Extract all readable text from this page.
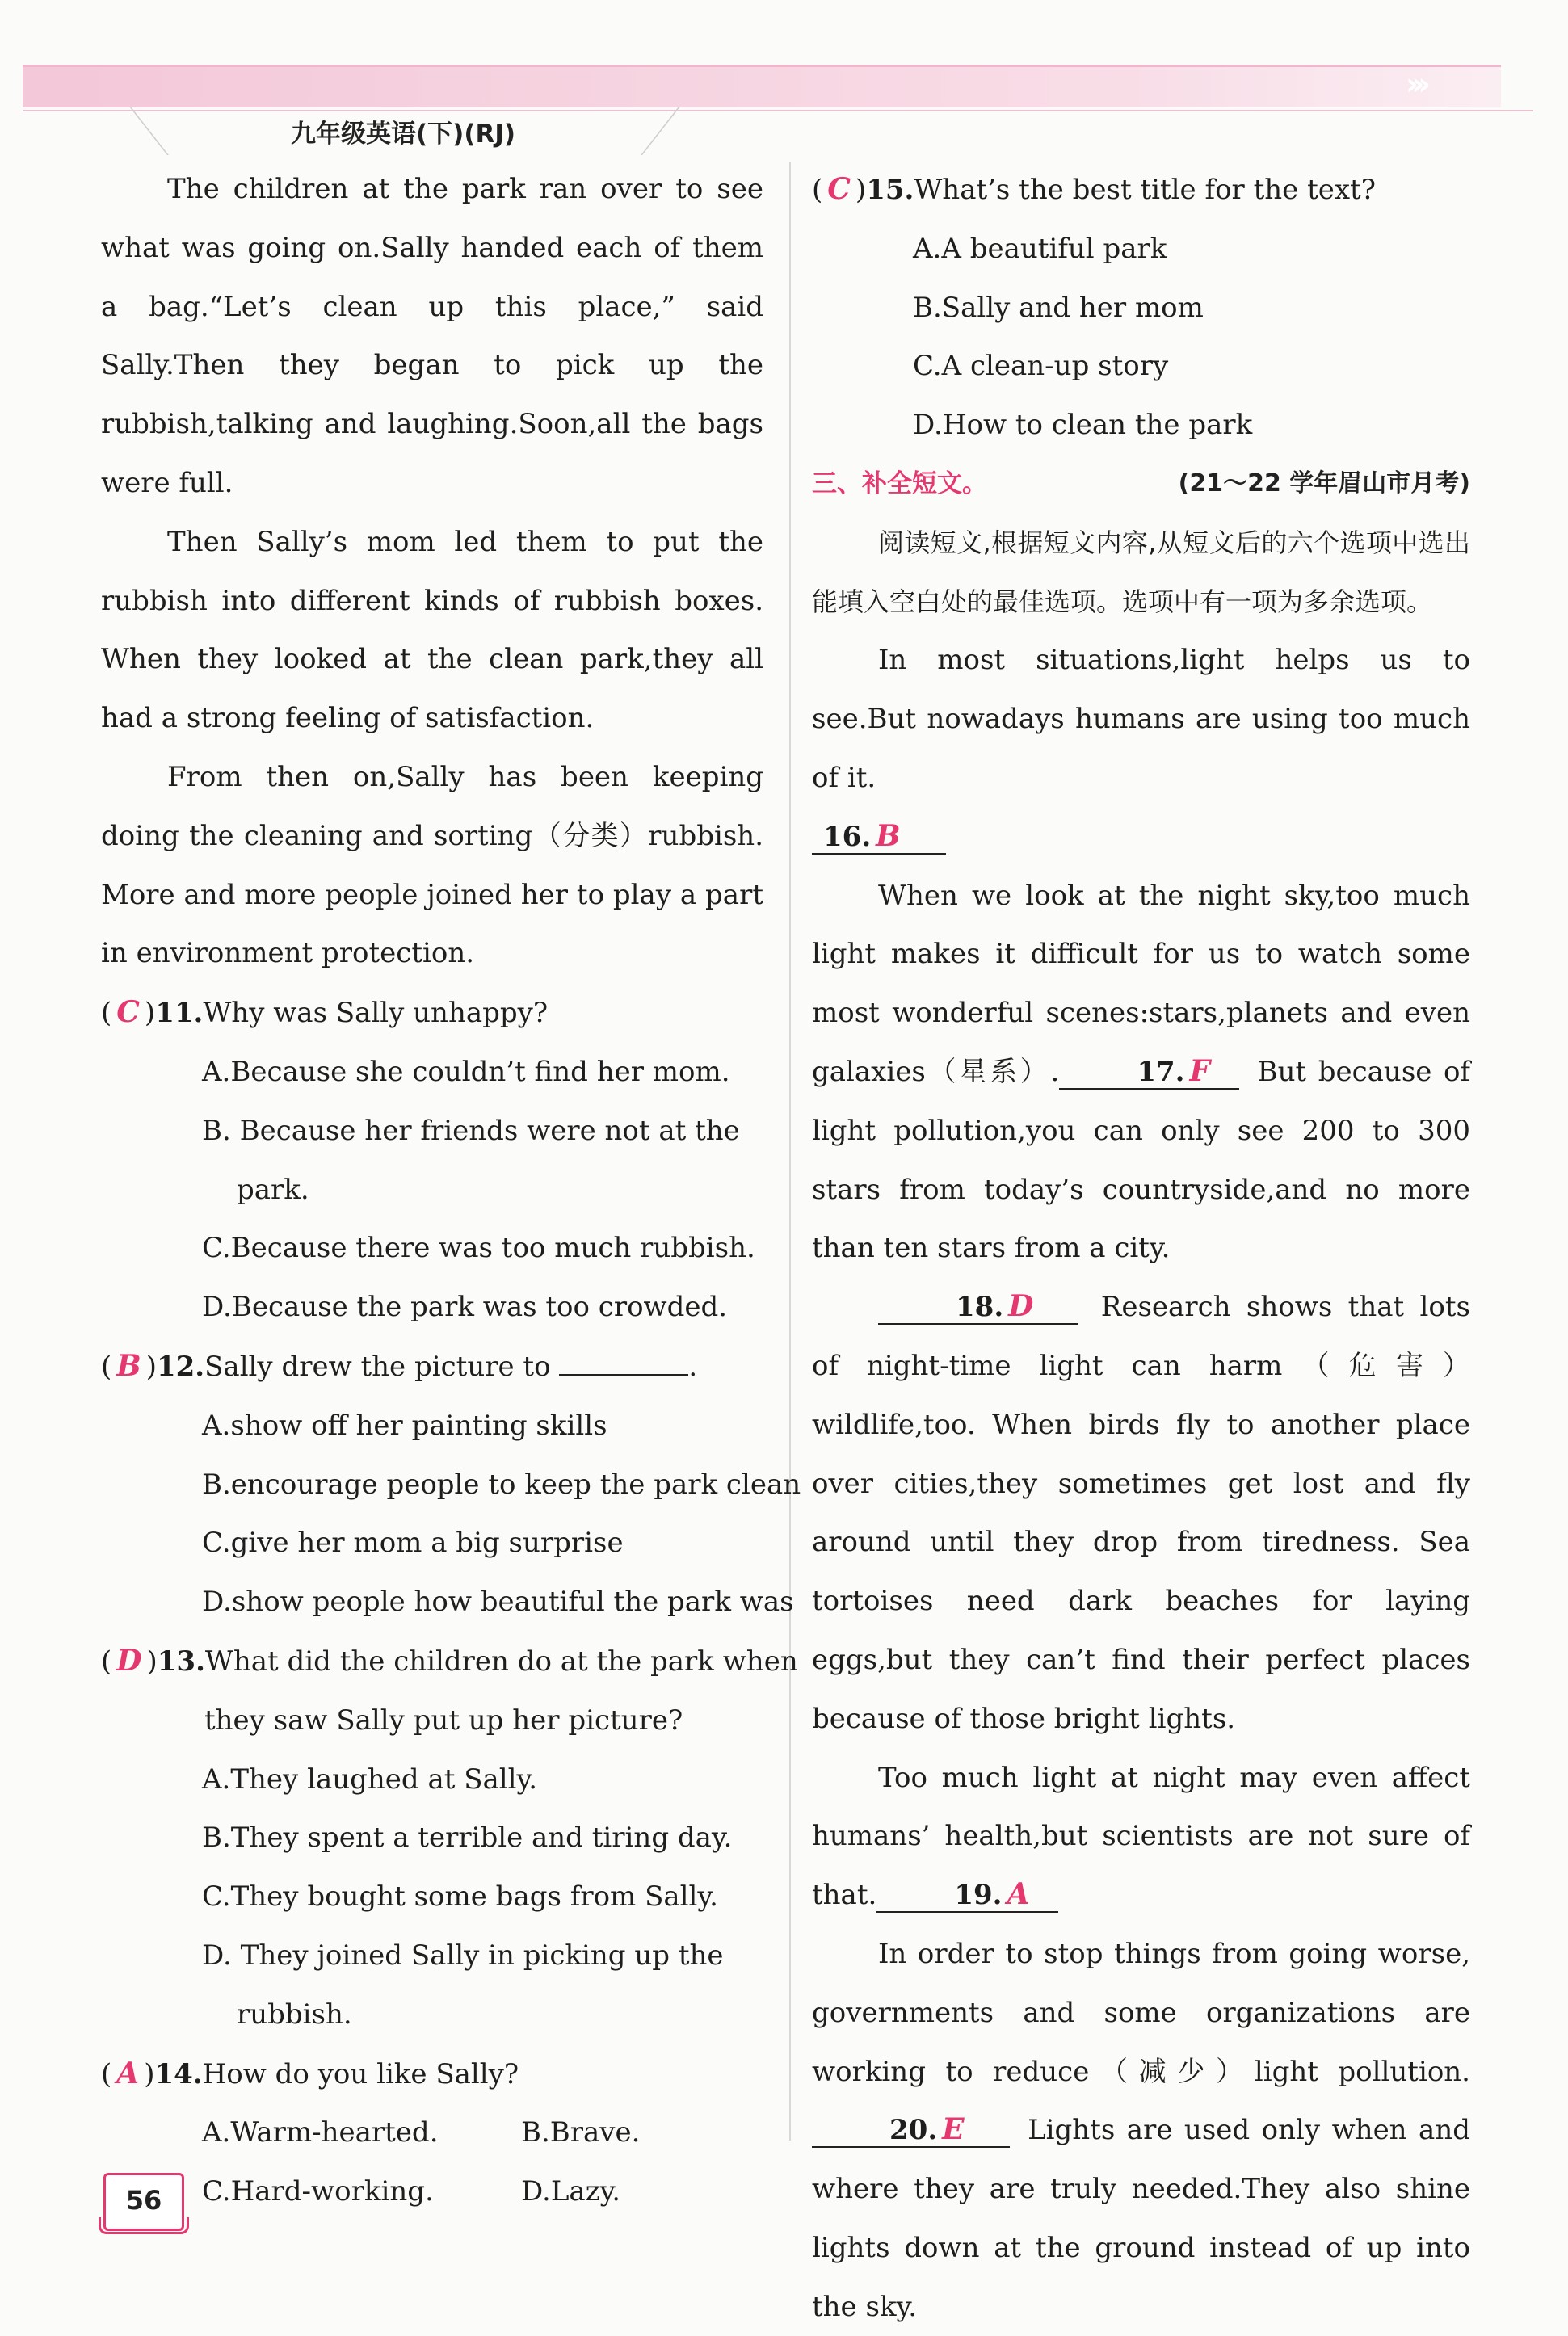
›››
九年级英语(下)(RJ)

The children at the park ran over to see what was going on.Sally handed each of them a bag.“Let’s clean up this place,” said Sally.Then they began to pick up the rubbish,talking and laughing.Soon,all the bags were full.

Then Sally’s mom led them to put the rubbish into different kinds of rubbish boxes. When they looked at the clean park,they all had a strong feeling of satisfaction.

From then on,Sally has been keeping doing the cleaning and sorting（分类）rubbish. More and more people joined her to play a part in environment protection.

( C )11.Why was Sally unhappy?

A.Because she couldn’t find her mom.

B. Because her friends were not at the

park.

C.Because there was too much rubbish.

D.Because the park was too crowded.

( B )12.Sally drew the picture to	.

A.show off her painting skills

B.encourage people to keep the park clean

C.give her mom a big surprise

D.show people how beautiful the park was

( D )13.What did the children do at the park when

they saw Sally put up her picture?

A.They laughed at Sally.

B.They spent a terrible and tiring day.

C.They bought some bags from Sally.

D. They joined Sally in picking up the

rubbish.

( A )14.How do you like Sally?

A.Warm-hearted.	B.Brave.

C.Hard-working.	D.Lazy.

( C )15.What’s the best title for the text?

A.A beautiful park

B.Sally and her mom

C.A clean-up story

D.How to clean the park

三、补全短文。	(21～22 学年眉山市月考)

阅读短文,根据短文内容,从短文后的六个选项中选出能填入空白处的最佳选项。选项中有一项为多余选项。

In most situations,light helps us to see.But nowadays humans are using too much of it.

16. B

When we look at the night sky,too much light makes it difficult for us to watch some most wonderful scenes:stars,planets and even galaxies（星系）.	17. F But because of light pollution,you can only see 200 to 300 stars from today’s countryside,and no more than ten stars from a city.

18. D Research shows that lots of night-time light can harm（危害）wildlife,too. When birds fly to another place over cities,they sometimes get lost and fly around until they drop from tiredness. Sea tortoises need dark beaches for laying eggs,but they can’t find their perfect places because of those bright lights.

Too much light at night may even affect humans’ health,but scientists are not sure of that.	19. A

In order to stop things from going worse, governments and some organizations are working to reduce（减少）light pollution. 20. E Lights are used only when and where they are truly needed.They also shine lights down at the ground instead of up into the sky.

56
